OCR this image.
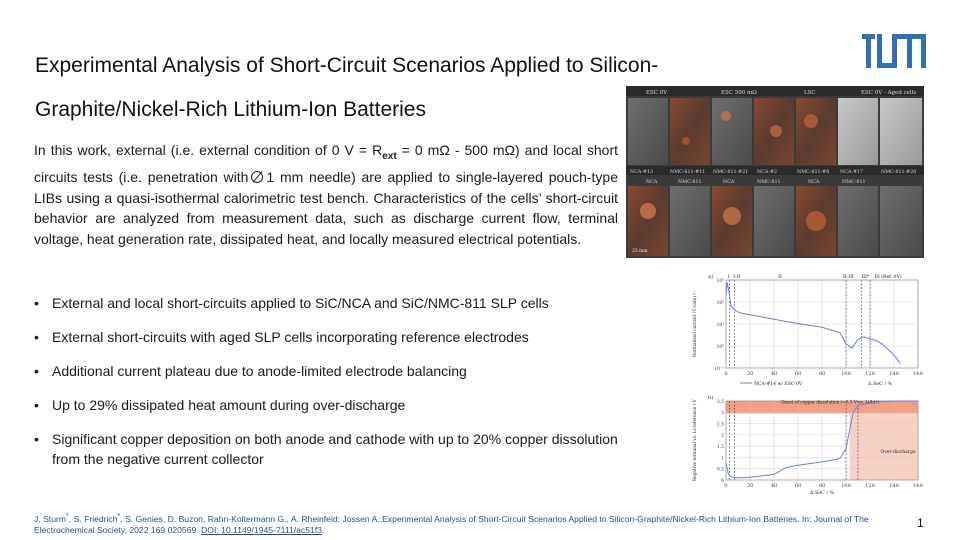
Experimental Analysis of Short-Circuit Scenarios Applied to Silicon-Graphite/Nickel-Rich Lithium-Ion Batteries
In this work, external (i.e. external condition of 0 $V = R_{ext} = 0$ mΩ - 500 mΩ) and local short circuits tests (i.e. penetration with 1 mm needle) are applied to single-layered pouch-type LIBs using a quasi-isothermal calorimetric test bench. Characteristics of the cells’ short-circuit behavior are analyzed from measurement data, such as discharge current flow, terminal voltage, heat generation rate, dissipated heat, and locally measured electrical potentials.
• External and local short-circuits applied to SiC/NCA and SiC/NMC-811 SLP cells
• External short-circuits with aged SLP cells incorporating reference electrodes
• Additional current plateau due to anode-limited electrode balancing
• Up to 29% dissipated heat amount during over-discharge
• Significant copper deposition on both anode and cathode with up to 20% copper dissolution from the negative current collector
ESC 0V	ESC 500 mΩ	LSC	ESC 0V - Aged cells
NCA-#13	NMC-811-#11 NMC-811-#21 NCA-#2	NMC-811-#8 NCA-#17	NMC-811-#20
NCA	NMC-811	NCA	NMC-811	NCA	NMC-811
25 mm
0	20	40	60	80	100	120	140	160
10⁻¹
10⁰
10¹
10²
10³
I I-II	II	II-III III* III (Ref. 0V)
a)
NCA-#14 w/ ESC 0V	Δ SoC / %
Normalized current (C-rate) / -
0	20	40	60	80	100	120	140	160
0
0.5
1
1.5
2
2.5
3
3.5
b)
Onset of copper dissolution (~3.3 V vs. Li/Li⁺)
Over-discharge
Δ SoC / %
Negative terminal vs. Li-reference / V
J. Sturm*, S. Friedrich*, S. Genies, D. Buzon, Rahn-Koltermann G., A. Rheinfeld: Jossen A.:Experimental Analysis of Short-Circuit Scenarios Applied to Silicon-Graphite/Nickel-Rich Lithium-Ion Batteries. In: Journal of The Electrochemical Society, 2022 169 020569. DOI: 10.1149/1945-7111/ac51f3.
1
